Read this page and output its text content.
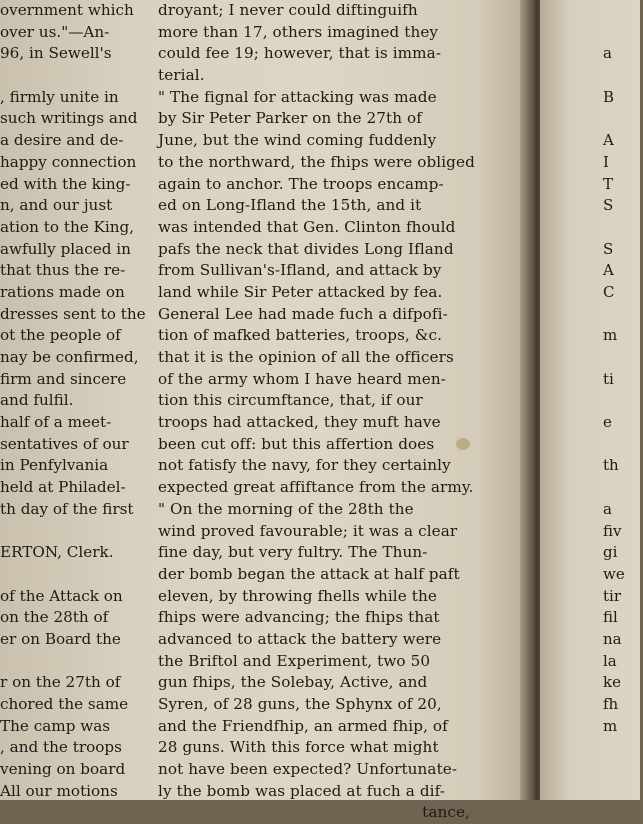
overnment which
over us."—An-
96, in Sewell's
, firmly unite in
such writings and
a desire and de-
happy connection
ed with the king-
n, and our just
ation to the King,
awfully placed in
that thus the re-
rations made on
dresses sent to the
ot the people of
nay be confirmed,
firm and sincere
and fulfil.
half of a meet-
sentatives of our
in Penfylvania
held at Philadel-
th day of the first
ERTON, Clerk.
of the Attack on
on the 28th of
er on Board the
r on the 27th of
chored the same
The camp was
, and the troops
vening on board
All our motions
droyant; I never could diftinguifh
more than 17, others imagined they
could fee 19; however, that is imma-
terial.
" The fignal for attacking was made
by Sir Peter Parker on the 27th of
June, but the wind coming fuddenly
to the northward, the fhips were obliged
again to anchor. The troops encamp-
ed on Long-Ifland the 15th, and it
was intended that Gen. Clinton fhould
pafs the neck that divides Long Ifland
from Sullivan's-Ifland, and attack by
land while Sir Peter attacked by fea.
General Lee had made fuch a difpofi-
tion of mafked batteries, troops, &c.
that it is the opinion of all the officers
of the army whom I have heard men-
tion this circumftance, that, if our
troops had attacked, they muft have
been cut off: but this affertion does
not fatisfy the navy, for they certainly
expected great affiftance from the army.
" On the morning of the 28th the
wind proved favourable; it was a clear
fine day, but very fultry. The Thun-
der bomb began the attack at half paft
eleven, by throwing fhells while the
fhips were advancing; the fhips that
advanced to attack the battery were
the Briftol and Experiment, two 50
gun fhips, the Solebay, Active, and
Syren, of 28 guns, the Sphynx of 20,
and the Friendfhip, an armed fhip, of
28 guns. With this force what might
not have been expected? Unfortunate-
ly the bomb was placed at fuch a dif-
tance,
a
B
A
I
T
S
S
A
C
m
ti
e
th
a
fiv
gi
we
tir
fil
na
la
ke
fh
m
